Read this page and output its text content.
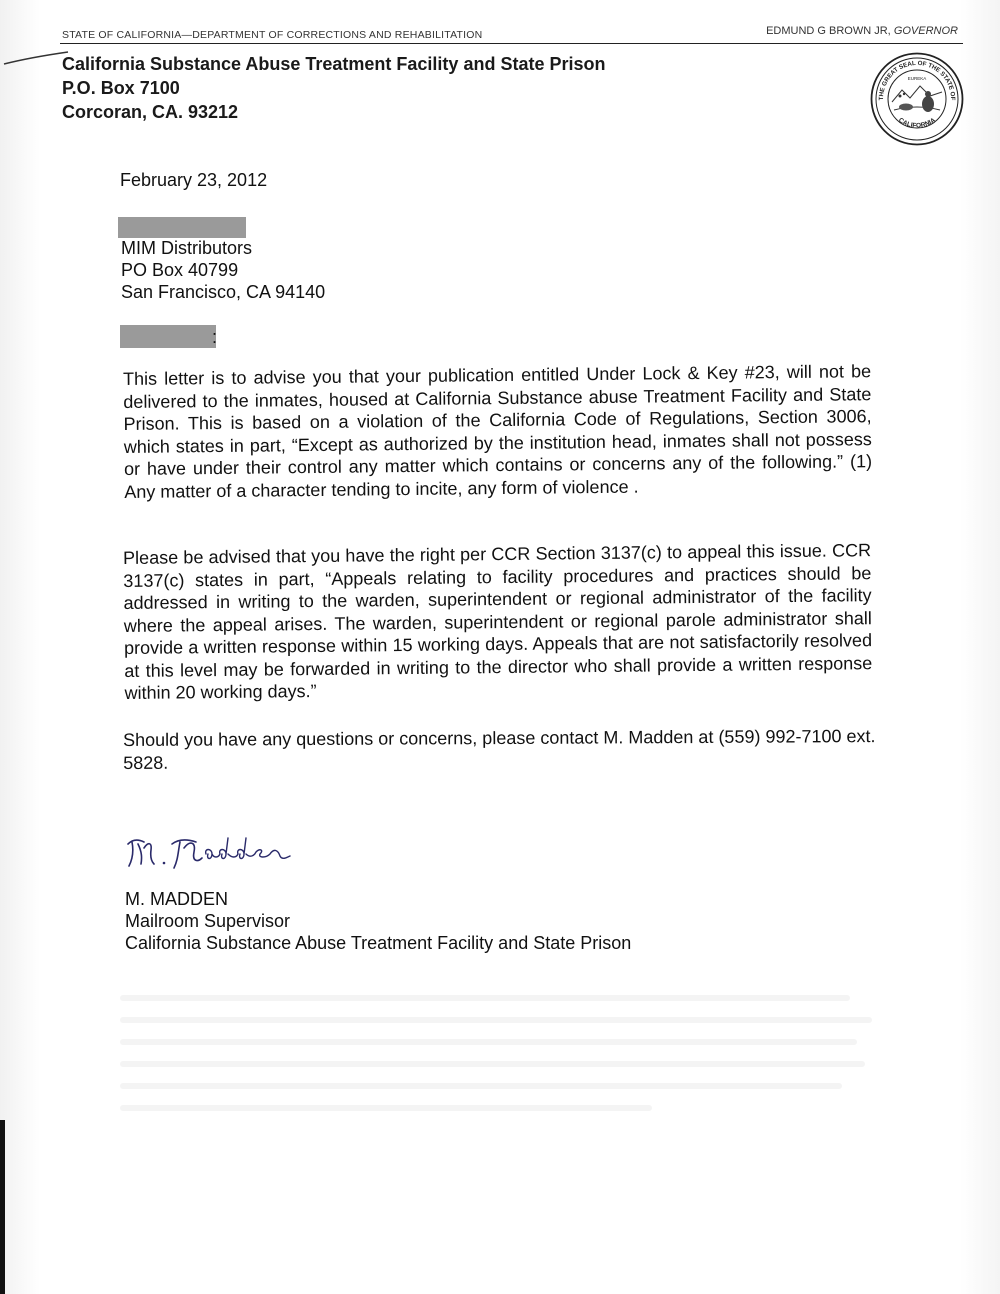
STATE OF CALIFORNIA—DEPARTMENT OF CORRECTIONS AND REHABILITATION	EDMUND G BROWN JR, GOVERNOR
California Substance Abuse Treatment Facility and State Prison
P.O. Box 7100
Corcoran, CA. 93212
THE GREAT SEAL OF THE STATE OF
CALIFORNIA
EUREKA
February 23, 2012
MIM Distributors
PO Box 40799
San Francisco, CA 94140
:
This letter is to advise you that your publication entitled Under Lock & Key #23, will not be delivered to the inmates, housed at California Substance abuse Treatment Facility and State Prison. This is based on a violation of the California Code of Regulations, Section 3006, which states in part, “Except as authorized by the institution head, inmates shall not possess or have under their control any matter which contains or concerns any of the following.” (1) Any matter of a character tending to incite, any form of violence .
Please be advised that you have the right per CCR Section 3137(c) to appeal this issue. CCR 3137(c) states in part, “Appeals relating to facility procedures and practices should be addressed in writing to the warden, superintendent or regional administrator of the facility where the appeal arises. The warden, superintendent or regional parole administrator shall provide a written response within 15 working days. Appeals that are not satisfactorily resolved at this level may be forwarded in writing to the director who shall provide a written response within 20 working days.”
Should you have any questions or concerns, please contact M. Madden at (559) 992-7100 ext. 5828.
M. MADDEN
Mailroom Supervisor
California Substance Abuse Treatment Facility and State Prison
